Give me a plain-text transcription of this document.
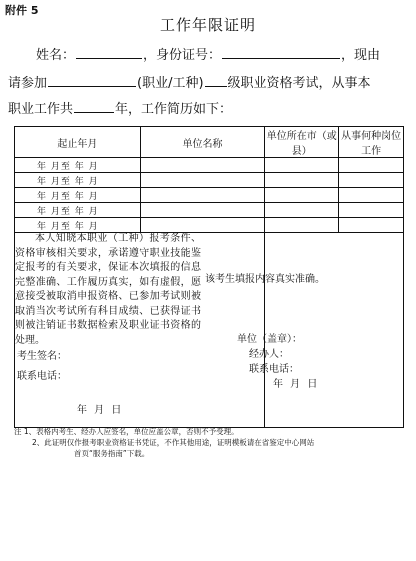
附件 5
工作年限证明
姓名：	，身份证号：	，现由
请参加	(职业/工种) 级职业资格考试，从事本
职业工作共	年，工作简历如下：
起止年月	单位名称	单位所在市（或县）	从事何种岗位工作
年 月至 年 月			
年 月至 年 月			
年 月至 年 月			
年 月至 年 月			
年 月至 年 月			

本人知晓本职业（工种）报考条件、资格审核相关要求，承诺遵守职业技能鉴定报考的有关要求，保证本次填报的信息完整准确、工作履历真实，如有虚假，愿意接受被取消申报资格、已参加考试则被取消当次考试所有科目成绩、已获得证书则被注销证书数据检索及职业证书资格的处理。
考生签名：
联系电话：
年 月 日
该考生填报内容真实准确。
单位（盖章）：
经办人：
联系电话：
年 月 日
注 1、表格内考生、经办人应签名，单位应盖公章，否则不予受理。
2、此证明仅作报考职业资格证书凭证，不作其他用途，证明模板请在省鉴定中心网站
首页“服务指南”下载。
